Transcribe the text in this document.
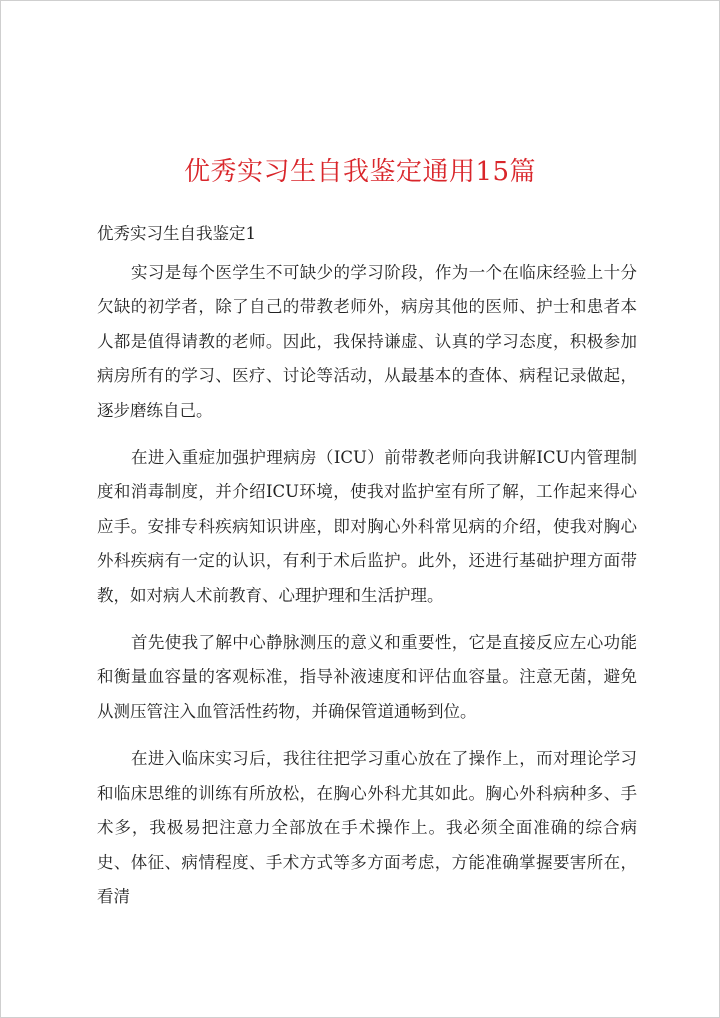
优秀实习生自我鉴定通用15篇

优秀实习生自我鉴定1

实习是每个医学生不可缺少的学习阶段，作为一个在临床经验上十分欠缺的初学者，除了自己的带教老师外，病房其他的医师、护士和患者本人都是值得请教的老师。因此，我保持谦虚、认真的学习态度，积极参加病房所有的学习、医疗、讨论等活动，从最基本的查体、病程记录做起，逐步磨练自己。

在进入重症加强护理病房（ICU）前带教老师向我讲解ICU内管理制度和消毒制度，并介绍ICU环境，使我对监护室有所了解，工作起来得心应手。安排专科疾病知识讲座，即对胸心外科常见病的介绍，使我对胸心外科疾病有一定的认识，有利于术后监护。此外，还进行基础护理方面带教，如对病人术前教育、心理护理和生活护理。

首先使我了解中心静脉测压的意义和重要性，它是直接反应左心功能和衡量血容量的客观标准，指导补液速度和评估血容量。注意无菌，避免从测压管注入血管活性药物，并确保管道通畅到位。

在进入临床实习后，我往往把学习重心放在了操作上，而对理论学习和临床思维的训练有所放松，在胸心外科尤其如此。胸心外科病种多、手术多，我极易把注意力全部放在手术操作上。我必须全面准确的综合病史、体征、病情程度、手术方式等多方面考虑，方能准确掌握要害所在，看清
